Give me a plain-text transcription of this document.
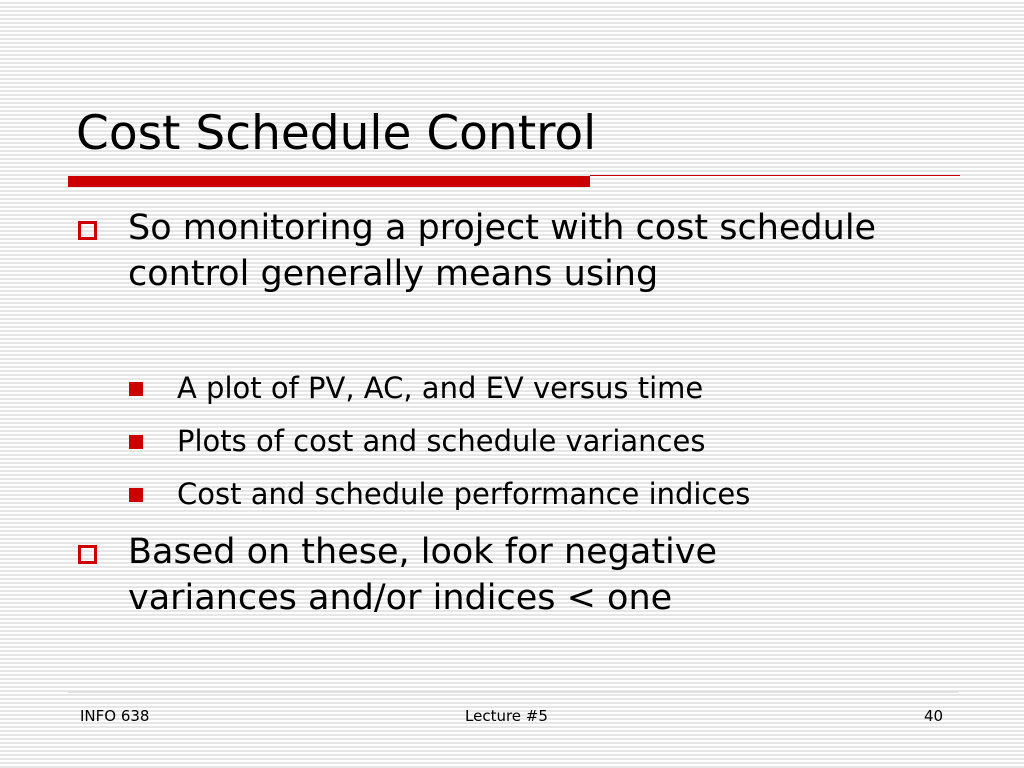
Cost Schedule Control
So monitoring a project with cost schedule control generally means using
A plot of PV, AC, and EV versus time
Plots of cost and schedule variances
Cost and schedule performance indices
Based on these, look for negative variances and/or indices < one
INFO 638	Lecture #5	40
